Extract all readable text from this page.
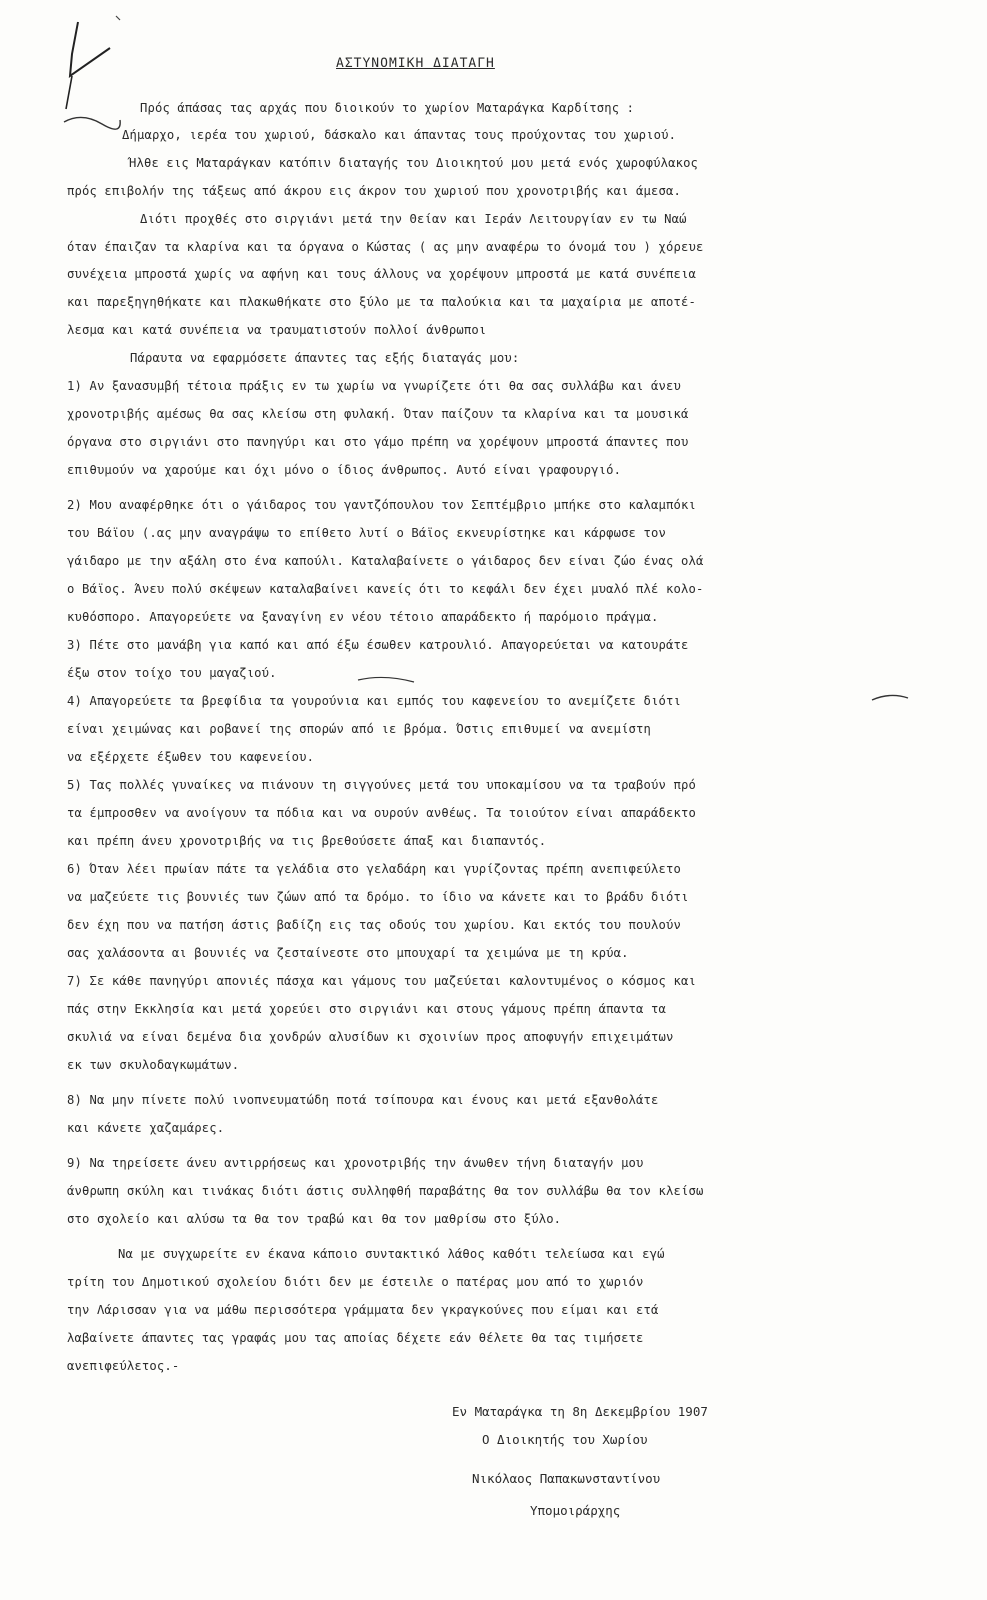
ΑΣΤΥΝΟΜΙΚΗ ΔΙΑΤΑΓΗ
Πρός άπάσας τας αρχάς που διοικούν το χωρίον Ματαράγκα Καρδίτσης :
Δήμαρχο, ιερέα του χωριού, δάσκαλο και άπαντας τους προύχοντας του χωριού.
Ήλθε εις Ματαράγκαν κατόπιν διαταγής του Διοικητού μου μετά ενός χωροφύλακος
πρός επιβολήν της τάξεως από άκρου εις άκρον του χωριού που χρονοτριβής και άμεσα.
Διότι προχθές στο σιργιάνι μετά την Θείαν και Ιεράν Λειτουργίαν εν τω Ναώ
όταν έπαιζαν τα κλαρίνα και τα όργανα ο Κώστας ( ας μην αναφέρω το όνομά του ) χόρευε
συνέχεια μπροστά χωρίς να αφήνη και τους άλλους να χορέψουν μπροστά με κατά συνέπεια
και παρεξηγηθήκατε και πλακωθήκατε στο ξύλο με τα παλούκια και τα μαχαίρια με αποτέ-
λεσμα και κατά συνέπεια να τραυματιστούν πολλοί άνθρωποι
Πάραυτα να εφαρμόσετε άπαντες τας εξής διαταγάς μου:
1) Αν ξανασυμβή τέτοια πράξις εν τω χωρίω να γνωρίζετε ότι θα σας συλλάβω και άνευ
χρονοτριβής αμέσως θα σας κλείσω στη φυλακή. Όταν παίζουν τα κλαρίνα και τα μουσικά
όργανα στο σιργιάνι στο πανηγύρι και στο γάμο πρέπη να χορέψουν μπροστά άπαντες που
επιθυμούν να χαρούμε και όχι μόνο ο ίδιος άνθρωπος. Αυτό είναι γραφουργιό.
2) Μου αναφέρθηκε ότι ο γάιδαρος του γαντζόπουλου τον Σεπτέμβριο μπήκε στο καλαμπόκι
του Βάϊου (.ας μην αναγράψω το επίθετο λυτί ο Βάϊος εκνευρίστηκε και κάρφωσε τον
γάιδαρο με την αξάλη στο ένα καπούλι. Καταλαβαίνετε ο γάιδαρος δεν είναι ζώο ένας ολά
ο Βάϊος. Άνευ πολύ σκέψεων καταλαβαίνει κανείς ότι το κεφάλι δεν έχει μυαλό πλέ κολο-
κυθόσπορο. Απαγορεύετε να ξαναγίνη εν νέου τέτοιο απαράδεκτο ή παρόμοιο πράγμα.
3) Πέτε στο μανάβη για καπό και από έξω έσωθεν κατρουλιό. Απαγορεύεται να κατουράτε
έξω στον τοίχο του μαγαζιού.
4) Απαγορεύετε τα βρεφίδια τα γουρούνια και εμπός του καφενείου το ανεμίζετε διότι
είναι χειμώνας και ροβανεί της σπορών από ιε βρόμα. Όστις επιθυμεί να ανεμίστη
να εξέρχετε έξωθεν του καφενείου.
5) Τας πολλές γυναίκες να πιάνουν τη σιγγούνες μετά του υποκαμίσου να τα τραβούν πρό
τα έμπροσθεν να ανοίγουν τα πόδια και να ουρούν ανθέως. Τα τοιούτον είναι απαράδεκτο
και πρέπη άνευ χρονοτριβής να τις βρεθούσετε άπαξ και διαπαντός.
6) Όταν λέει πρωίαν πάτε τα γελάδια στο γελαδάρη και γυρίζοντας πρέπη ανεπιφεύλετο
να μαζεύετε τις βουνιές των ζώων από τα δρόμο. το ίδιο να κάνετε και το βράδυ διότι
δεν έχη που να πατήση άστις βαδίζη εις τας οδούς του χωρίου. Και εκτός του πουλούν
σας χαλάσοντα αι βουνιές να ζεσταίνεστε στο μπουχαρί τα χειμώνα με τη κρύα.
7) Σε κάθε πανηγύρι απονιές πάσχα και γάμους του μαζεύεται καλοντυμένος ο κόσμος και
πάς στην Εκκλησία και μετά χορεύει στο σιργιάνι και στους γάμους πρέπη άπαντα τα
σκυλιά να είναι δεμένα δια χονδρών αλυσίδων κι σχοινίων προς αποφυγήν επιχειμάτων
εκ των σκυλοδαγκωμάτων.
8) Να μην πίνετε πολύ ινοπνευματώδη ποτά τσίπουρα και ένους και μετά εξανθολάτε
και κάνετε χαζαμάρες.
9) Να τηρείσετε άνευ αντιρρήσεως και χρονοτριβής την άνωθεν τήνη διαταγήν μου
άνθρωπη σκύλη και τινάκας διότι άστις συλληφθή παραβάτης θα τον συλλάβω θα τον κλείσω
στο σχολείο και αλύσω τα θα τον τραβώ και θα τον μαθρίσω στο ξύλο.
Να με συγχωρείτε εν έκανα κάποιο συντακτικό λάθος καθότι τελείωσα και εγώ
τρίτη του Δημοτικού σχολείου διότι δεν με έστειλε ο πατέρας μου από το χωριόν
την Λάρισσαν για να μάθω περισσότερα γράμματα δεν γκραγκούνες που είμαι και ετά
λαβαίνετε άπαντες τας γραφάς μου τας αποίας δέχετε εάν θέλετε θα τας τιμήσετε
ανεπιφεύλετος.-
Εν Ματαράγκα τη 8η Δεκεμβρίου 1907
Ο Διοικητής του Χωρίου
Νικόλαος Παπακωνσταντίνου
Υπομοιράρχης
